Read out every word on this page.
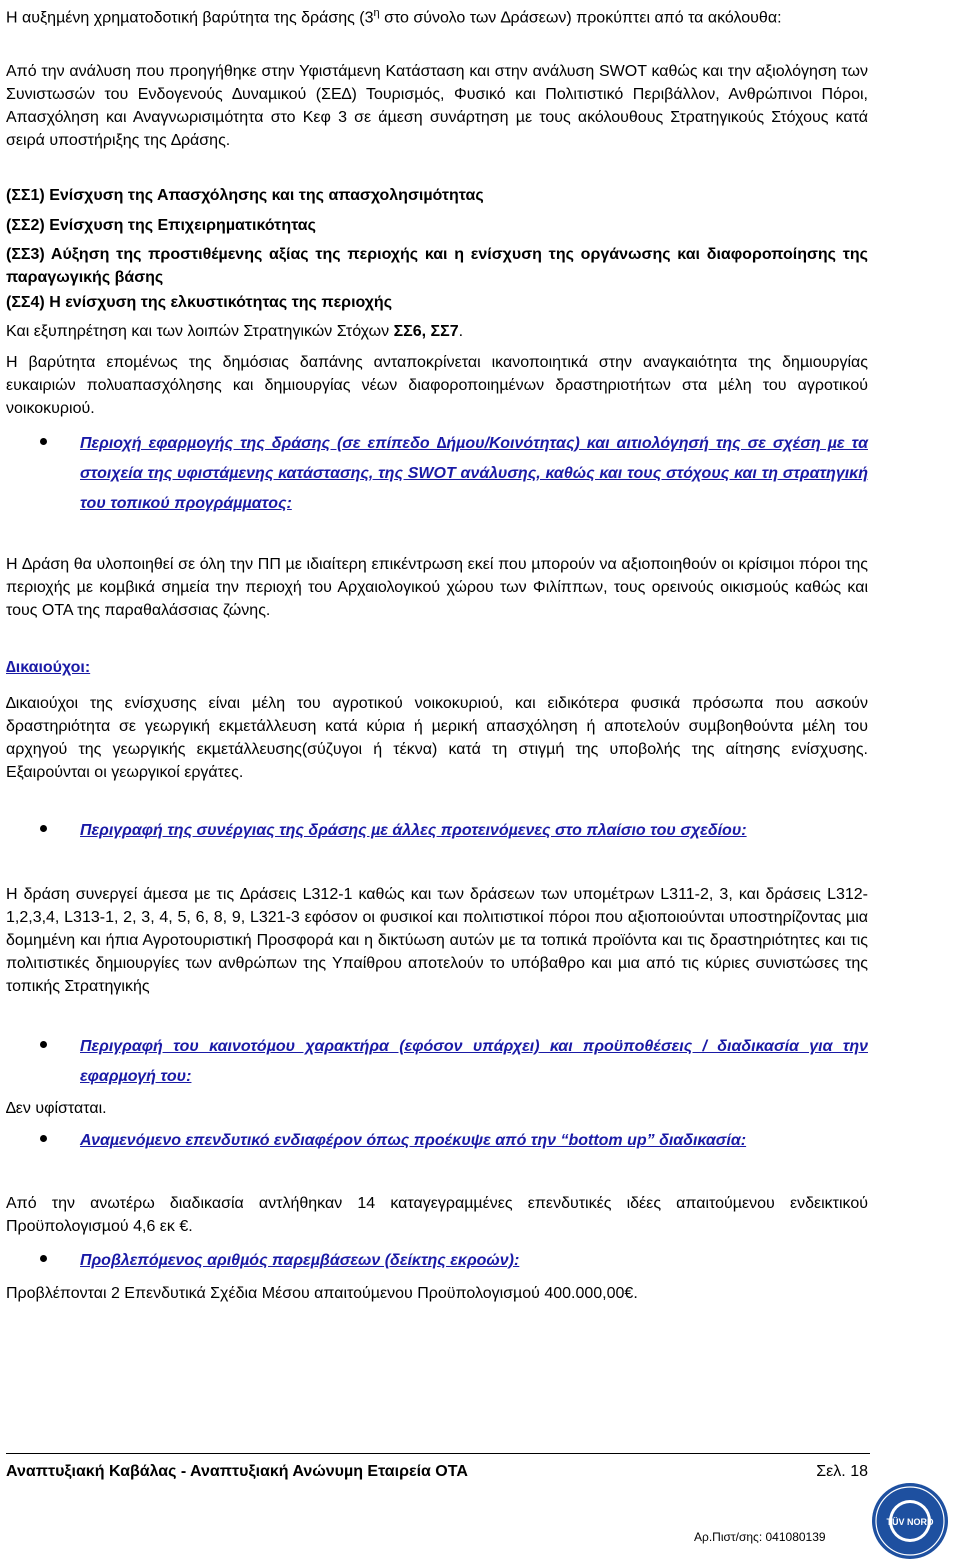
Η αυξηµένη χρηµατοδοτική βαρύτητα της δράσης ($3^\eta$ στο σύνολο των ∆ράσεων) προκύπτει από τα ακόλουθα:

Από την ανάλυση που προηγήθηκε στην Υφιστάµενη Κατάσταση και στην ανάλυση SWOT καθώς και την αξιολόγηση των Συνιστωσών του Ενδογενούς ∆υναµικού (ΣΕ∆) Τουρισµός, Φυσικό και Πολιτιστικό Περιβάλλον, Ανθρώπινοι Πόροι, Απασχόληση και Αναγνωρισιµότητα στο Κεφ 3 σε άµεση συνάρτηση µε τους ακόλουθους Στρατηγικούς Στόχους κατά σειρά υποστήριξης της ∆ράσης.

(ΣΣ1) Ενίσχυση της Απασχόλησης και της απασχολησιµότητας

(ΣΣ2) Ενίσχυση της Επιχειρηµατικότητας

(ΣΣ3) Αύξηση της προστιθέµενης αξίας της περιοχής και η ενίσχυση της οργάνωσης και διαφοροποίησης της παραγωγικής βάσης

(ΣΣ4) Η ενίσχυση της ελκυστικότητας της περιοχής

Και εξυπηρέτηση και των λοιπών Στρατηγικών Στόχων ΣΣ6, ΣΣ7.

Η βαρύτητα εποµένως της δηµόσιας δαπάνης ανταποκρίνεται ικανοποιητικά στην αναγκαιότητα της δηµιουργίας ευκαιριών πολυαπασχόλησης και δηµιουργίας νέων διαφοροποιηµένων δραστηριοτήτων στα µέλη του αγροτικού νοικοκυριού.

Περιοχή εφαρµογής της δράσης (σε επίπεδο ∆ήµου/Κοινότητας) και αιτιολόγησή της σε σχέση µε τα στοιχεία της υφιστάµενης κατάστασης, της SWOT ανάλυσης, καθώς και τους στόχους και τη στρατηγική του τοπικού προγράµµατος:

Η ∆ράση θα υλοποιηθεί σε όλη την ΠΠ µε ιδιαίτερη επικέντρωση εκεί που µπορούν να αξιοποιηθούν οι κρίσιµοι πόροι της περιοχής µε κοµβικά σηµεία την περιοχή του Αρχαιολογικού χώρου των Φιλίππων, τους ορεινούς οικισµούς καθώς και τους ΟΤΑ της παραθαλάσσιας ζώνης.

∆ικαιούχοι:

∆ικαιούχοι της ενίσχυσης είναι µέλη του αγροτικού νοικοκυριού, και ειδικότερα φυσικά πρόσωπα που ασκούν δραστηριότητα σε γεωργική εκµετάλλευση κατά κύρια ή µερική απασχόληση ή αποτελούν συµβοηθούντα µέλη του αρχηγού της γεωργικής εκµετάλλευσης(σύζυγοι ή τέκνα) κατά τη στιγµή της υποβολής της αίτησης ενίσχυσης. Εξαιρούνται οι γεωργικοί εργάτες.

Περιγραφή της συνέργιας της δράσης µε άλλες προτεινόµενες στο πλαίσιο του σχεδίου:

Η δράση συνεργεί άµεσα µε τις ∆ράσεις L312-1 καθώς και των δράσεων των υποµέτρων L311-2, 3, και δράσεις L312-1,2,3,4, L313-1, 2, 3, 4, 5, 6, 8, 9, L321-3 εφόσον οι φυσικοί και πολιτιστικοί πόροι που αξιοποιούνται υποστηρίζοντας µια δοµηµένη και ήπια Αγροτουριστική Προσφορά και η δικτύωση αυτών µε τα τοπικά προϊόντα και τις δραστηριότητες και τις πολιτιστικές δηµιουργίες των ανθρώπων της Υπαίθρου αποτελούν το υπόβαθρο και µια από τις κύριες συνιστώσες της τοπικής Στρατηγικής

Περιγραφή του καινοτόµου χαρακτήρα (εφόσον υπάρχει) και προϋποθέσεις / διαδικασία για την εφαρµογή του:

∆εν υφίσταται.

Αναµενόµενο επενδυτικό ενδιαφέρον όπως προέκυψε από την “bottom up” διαδικασία:

Από την ανωτέρω διαδικασία αντλήθηκαν 14 καταγεγραµµένες επενδυτικές ιδέες απαιτούµενου ενδεικτικού Προϋπολογισµού 4,6 εκ €.

Προβλεπόµενος αριθµός παρεµβάσεων (δείκτης εκροών):

Προβλέπονται 2 Επενδυτικά Σχέδια Μέσου απαιτούµενου Προϋπολογισµού 400.000,00€.

Αναπτυξιακή Καβάλας - Αναπτυξιακή Ανώνυµη Εταιρεία ΟΤΑ	Σελ. 18
TÜV NORD
Αρ.Πιστ/σης: 041080139
